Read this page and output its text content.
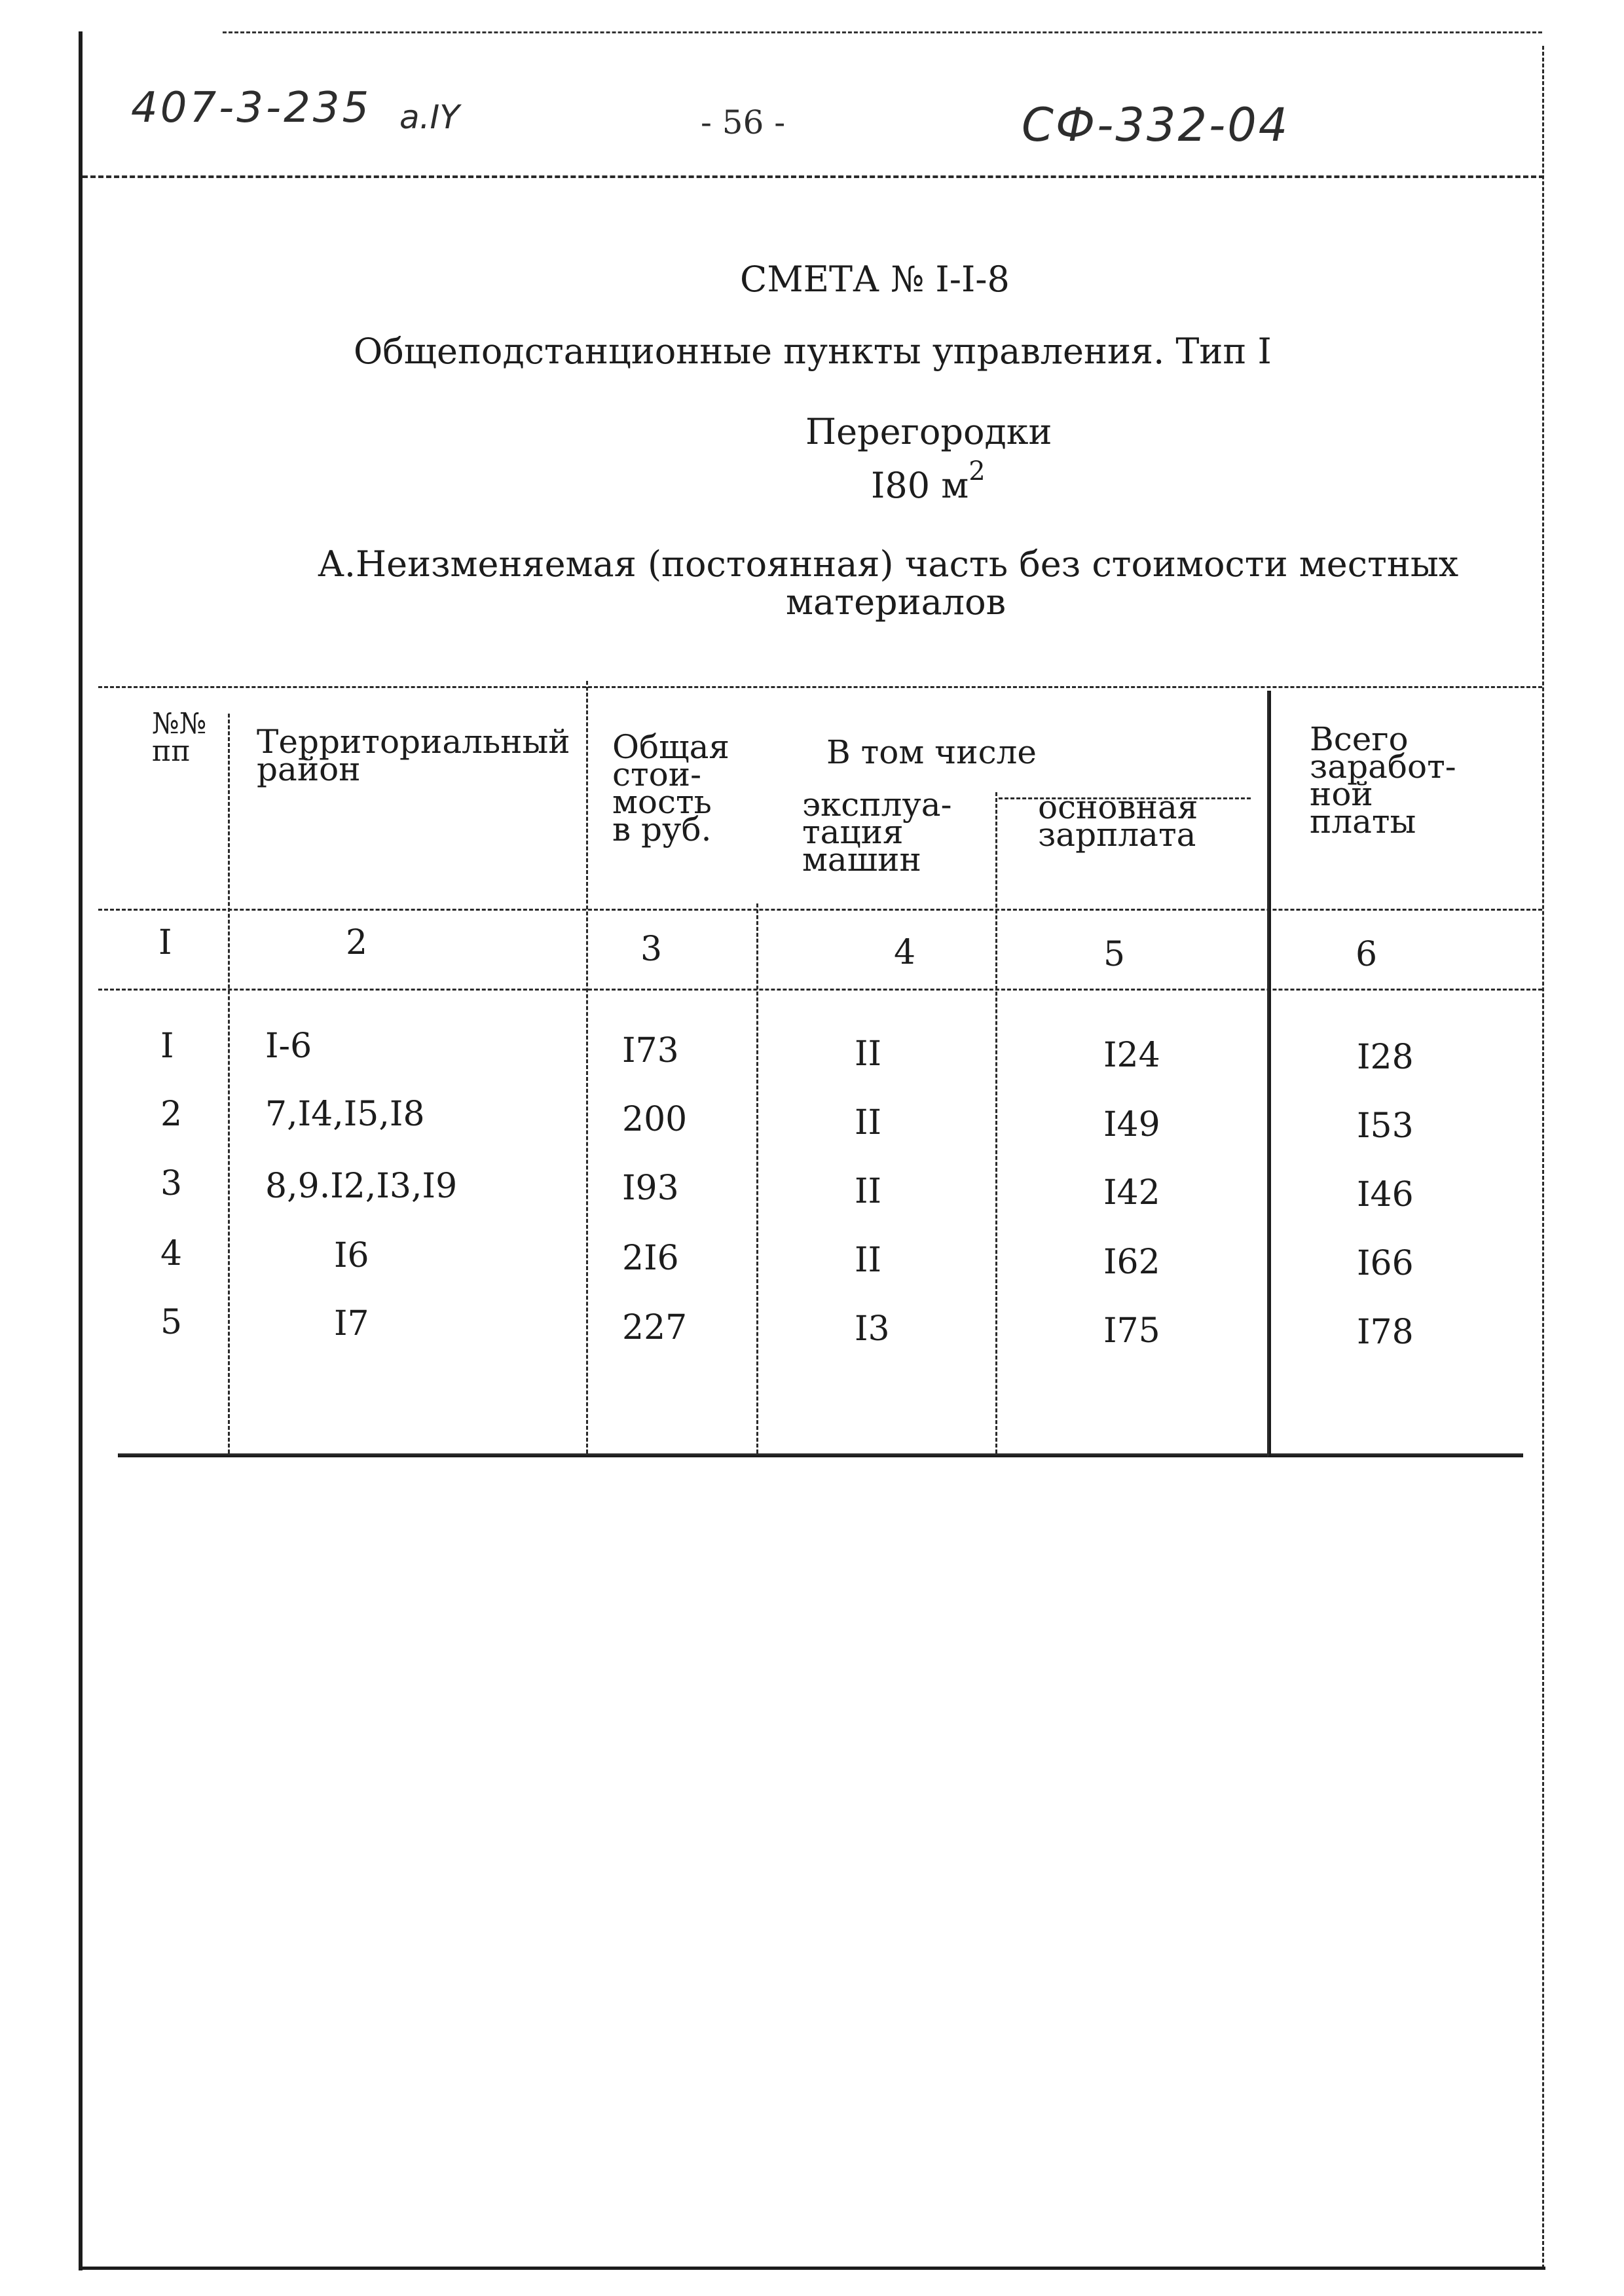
407-3-235 a.IY	- 56 -	СФ-332-04
СМЕТА № I-I-8
Общеподстанционные пункты управления. Тип I
Перегородки
I80 $м^2$
А.Неизменяемая (постоянная) часть без стоимости местных
материалов
№№
пп	Территориальный
район
Общая
стои-
мость
в руб.
В том числе
эксплуа-
тация
машин
основная
зарплата
Всего
заработ-
ной
платы
I	2	3	4	5	6
I	I-6	I73	II	I24	I28
2 7,I4,I5,I8	200	II	I49	I53
3 8,9.I2,I3,I9	I93	II	I42	I46
4	I6	2I6	II	I62	I66
5	I7	227	I3	I75	I78
